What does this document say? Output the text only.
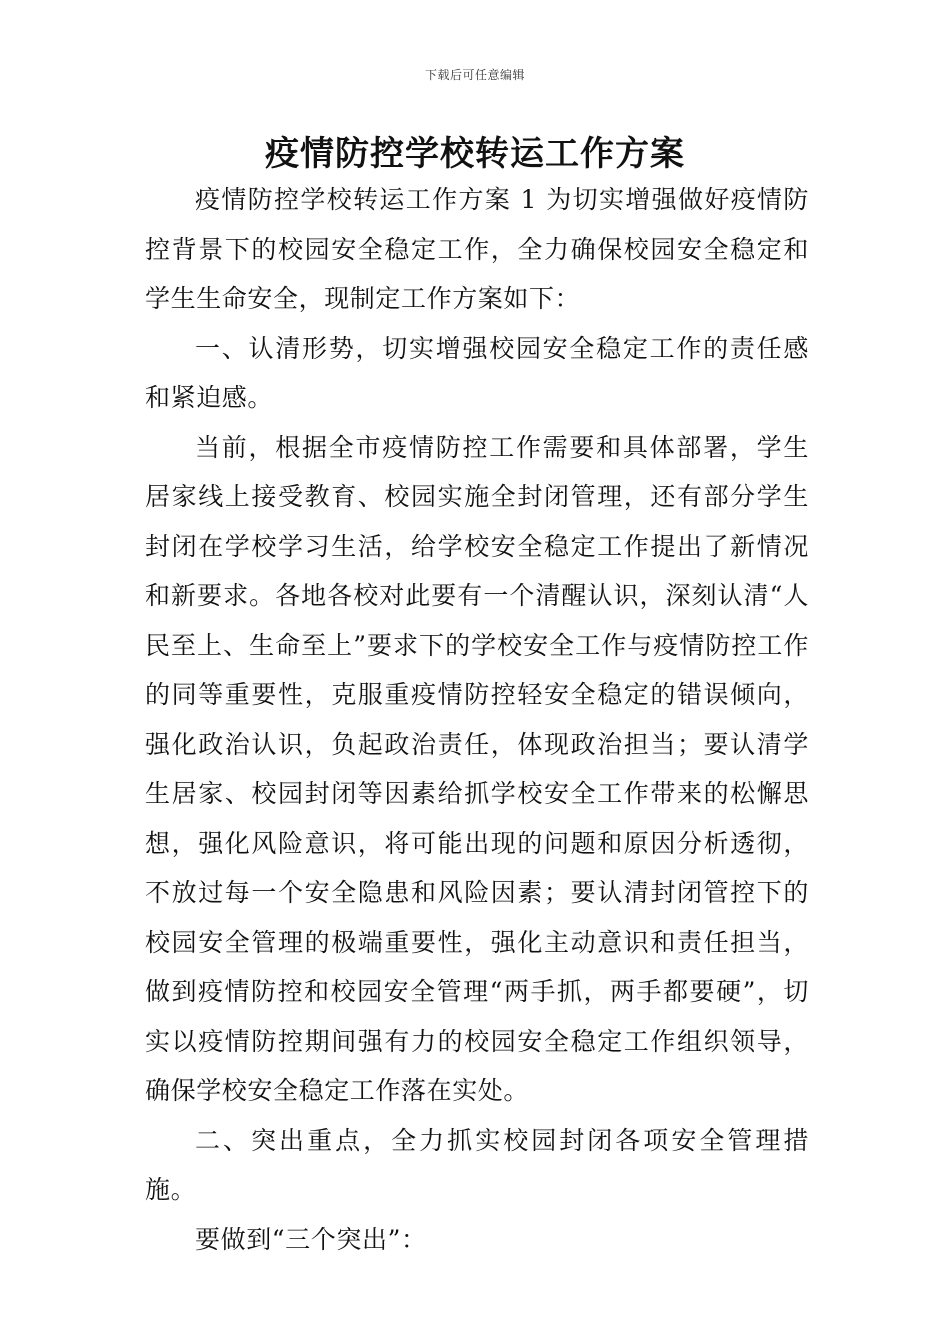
下载后可任意编辑
疫情防控学校转运工作方案

疫情防控学校转运工作方案 1 为切实增强做好疫情防控背景下的校园安全稳定工作，全力确保校园安全稳定和学生生命安全，现制定工作方案如下：

一、认清形势，切实增强校园安全稳定工作的责任感和紧迫感。

当前，根据全市疫情防控工作需要和具体部署，学生居家线上接受教育、校园实施全封闭管理，还有部分学生封闭在学校学习生活，给学校安全稳定工作提出了新情况和新要求。各地各校对此要有一个清醒认识，深刻认清“人民至上、生命至上”要求下的学校安全工作与疫情防控工作的同等重要性，克服重疫情防控轻安全稳定的错误倾向，强化政治认识，负起政治责任，体现政治担当；要认清学生居家、校园封闭等因素给抓学校安全工作带来的松懈思想，强化风险意识，将可能出现的问题和原因分析透彻，不放过每一个安全隐患和风险因素；要认清封闭管控下的校园安全管理的极端重要性，强化主动意识和责任担当，做到疫情防控和校园安全管理“两手抓，两手都要硬”，切实以疫情防控期间强有力的校园安全稳定工作组织领导，确保学校安全稳定工作落在实处。

二、突出重点，全力抓实校园封闭各项安全管理措施。

要做到“三个突出”：
